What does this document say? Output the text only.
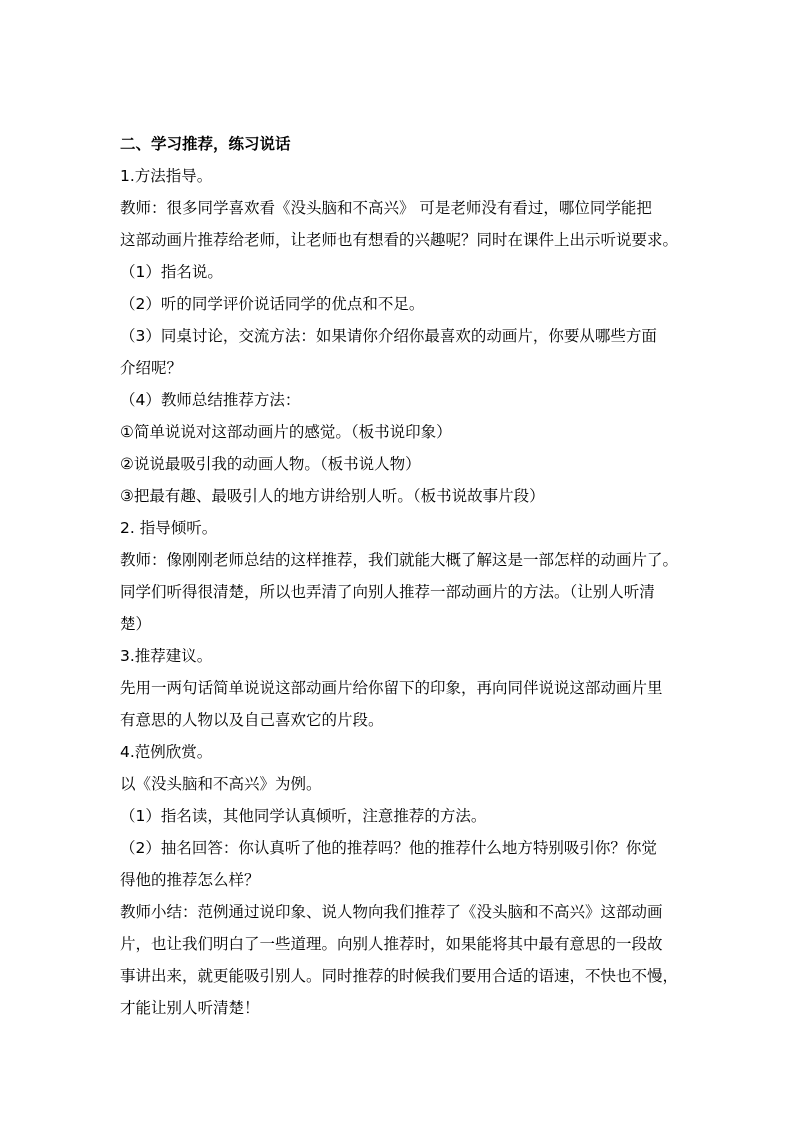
二、学习推荐，练习说话
1.方法指导。
教师：很多同学喜欢看《没头脑和不高兴》 可是老师没有看过，哪位同学能把
这部动画片推荐给老师，让老师也有想看的兴趣呢？同时在课件上出示听说要求。
（1）指名说。
（2）听的同学评价说话同学的优点和不足。
（3）同桌讨论，交流方法：如果请你介绍你最喜欢的动画片，你要从哪些方面
介绍呢？
（4）教师总结推荐方法：
①简单说说对这部动画片的感觉。（板书说印象）
②说说最吸引我的动画人物。（板书说人物）
③把最有趣、最吸引人的地方讲给别人听。（板书说故事片段）
2. 指导倾听。
教师：像刚刚老师总结的这样推荐，我们就能大概了解这是一部怎样的动画片了。
同学们听得很清楚，所以也弄清了向别人推荐一部动画片的方法。（让别人听清
楚）
3.推荐建议。
先用一两句话简单说说这部动画片给你留下的印象，再向同伴说说这部动画片里
有意思的人物以及自己喜欢它的片段。
4.范例欣赏。
以《没头脑和不高兴》为例。
（1）指名读，其他同学认真倾听，注意推荐的方法。
（2）抽名回答：你认真听了他的推荐吗？他的推荐什么地方特别吸引你？你觉
得他的推荐怎么样？
教师小结：范例通过说印象、说人物向我们推荐了《没头脑和不高兴》这部动画
片，也让我们明白了一些道理。向别人推荐时，如果能将其中最有意思的一段故
事讲出来，就更能吸引别人。同时推荐的时候我们要用合适的语速，不快也不慢，
才能让别人听清楚！
